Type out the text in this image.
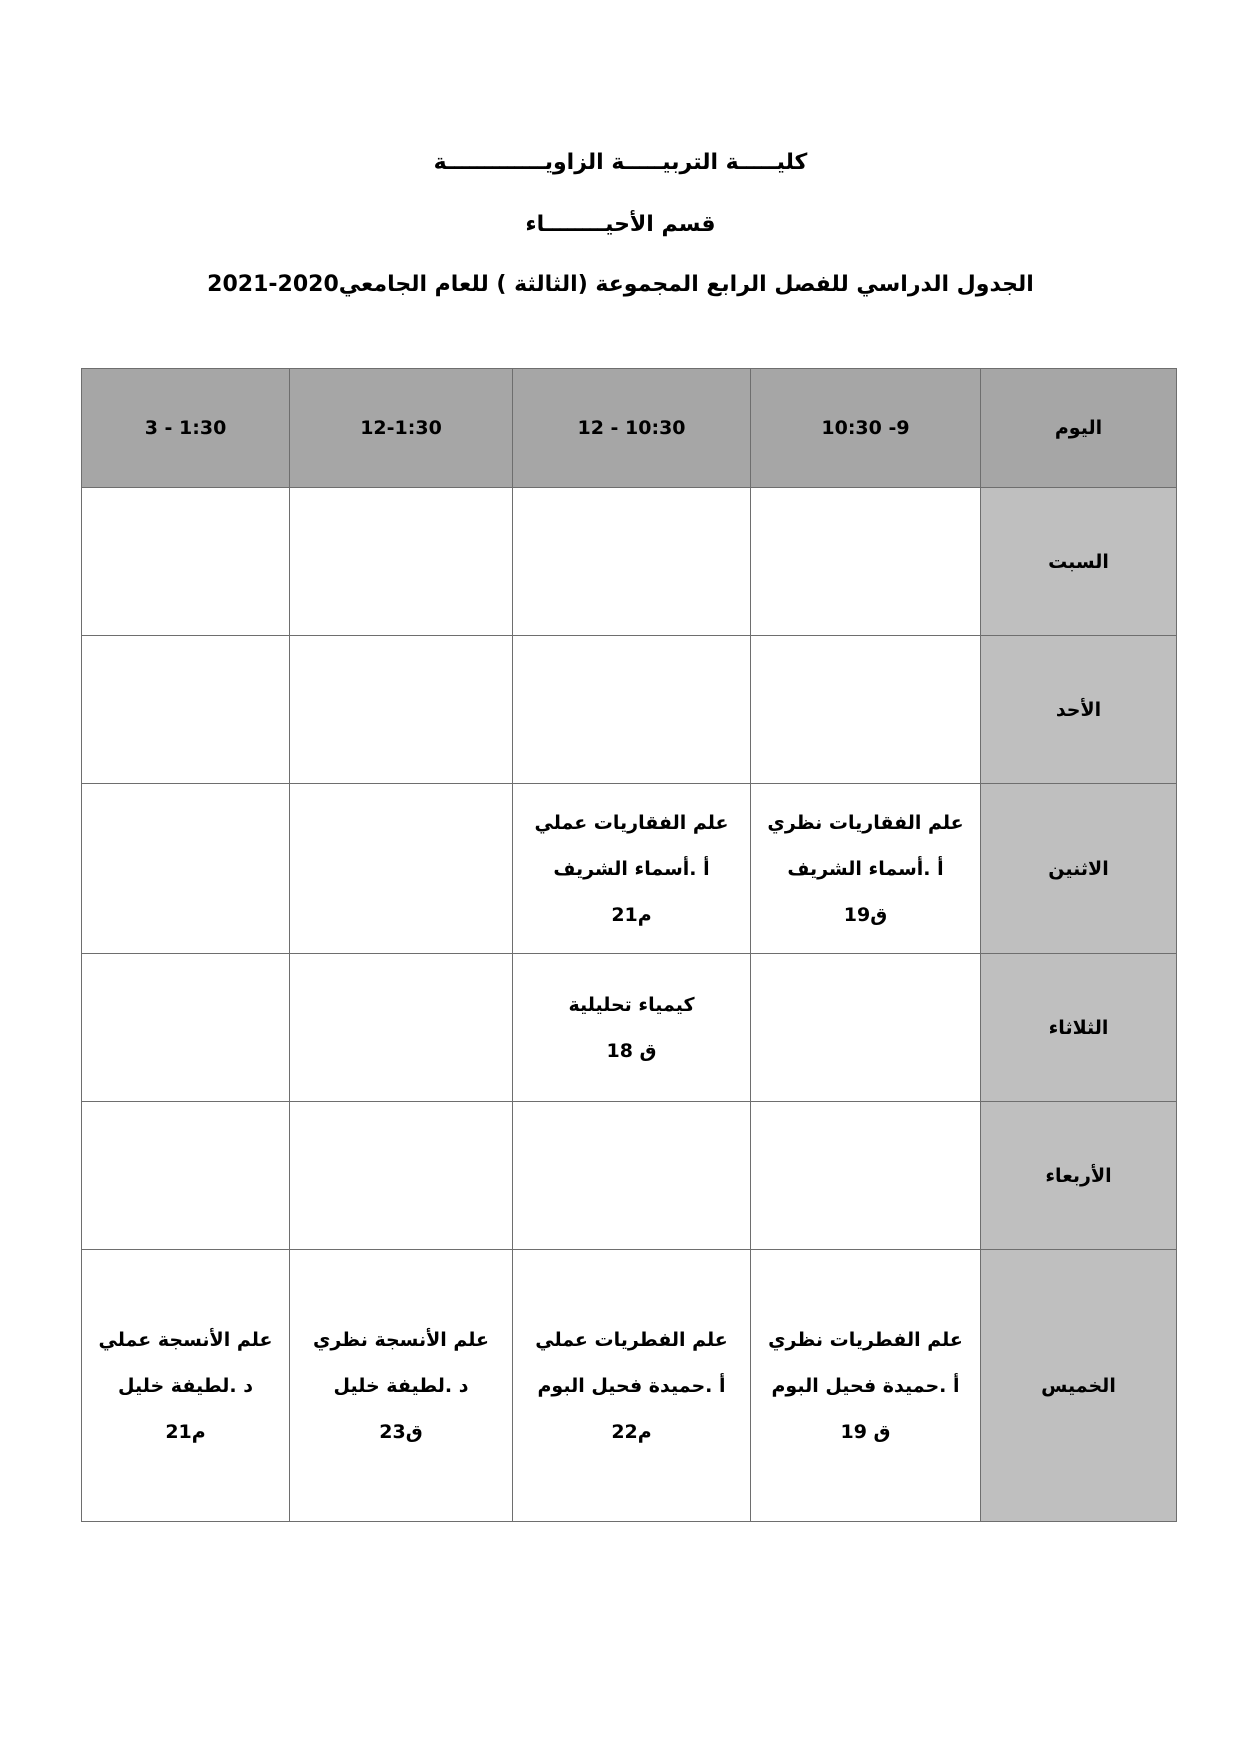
كليـــــة التربيـــــة الزاويـــــــــــــة

قسم الأحيــــــــاء

الجدول الدراسي للفصل الرابع المجموعة (الثالثة ) للعام الجامعي2020-2021

اليوم	9- 10:30	10:30 - 12	12-1:30	1:30 - 3
السبت	

الأحد	

الاثنين	علم الفقاريات نظري
أ .أسماء الشريف
ق19	علم الفقاريات عملي
أ .أسماء الشريف
م21		

الثلاثاء		كيمياء تحليلية
ق 18		

الأربعاء	

الخميس	علم الفطريات نظري
أ .حميدة فحيل البوم
ق 19	علم الفطريات عملي
أ .حميدة فحيل البوم
م22	علم الأنسجة نظري
د .لطيفة خليل
ق23	علم الأنسجة عملي
د .لطيفة خليل
م21
